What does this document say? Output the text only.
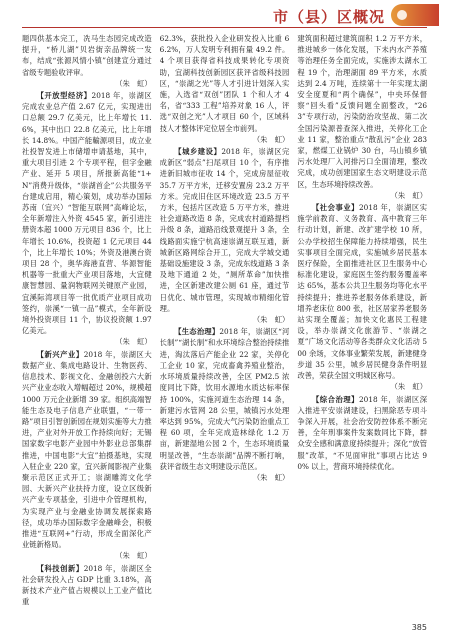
市（县）区概况

题四供基本完工，冼马生态园完成改造提升，“桥儿湖”贝岩街亲品牌统一发布，结成“张源风情小镇”创建宣分通过省级专题验收评审。

（朱　虹）

【开放型经济】2018 年，崇湖区完成农业总产值 2.67 亿元，实现进出口总额 29.7 亿美元，比上年增长 11.6%，其中出口 22.8 亿美元，比上年增长 14.8%。中国产能輸源项目，成立业社投智发进上市储增申请基地，其中，重大项目引进 2 个专项平程，但字金融产业、延开 5 项目，所报新高能“1+N”消费升级体，“崇湖首企”公共服务平台建成启用，精心策划，成功举办国际苏南（宜兴）“智能互联网”高峰论坛，全年新增注入外资 4545 家，新引进注册资本超 1000 万元项目 836 个，比上年增长 10.6%，投资超 1 亿元项目 44 个，比上年增长 10%；外资及港澳台资项目 28 个，奥华海港直营、华源智能机器等一批重大产业项目落地，大宜健康智慧园、量润物联网关键原产业园，宜溪际湾项目等一批优质产业项目成功签约，崇溪“一镇一品”模式，全年新设境外投资项目 11 个，协议投资额 1.97 亿美元。

（朱　虹）

【新兴产业】2018 年，崇湖区大数据产业、集成电路设计、生物医药、信息技术、影视文化、金融创投六大新兴产业业态收入增幅超过 20%，规模超 1000 万元企业新增 39 家。组织高端智能生态及电子信息产业联盟，“一带一路”项目引智创新园在规划实施等大力推进，产业对外开放工作持续向好；无锡国家数字电影产业园中外影业总部集群推进，中国电影“大宜”拍摄基地，实现入驻企业 220 家，宜兴新闻影视产业集聚示范区正式开工；崇湖雕湾文化学园、大新兴产业扶持力度，设立区级新兴产业专项基金，引进中介管理机构，为实现产业与金融业协调发展探索路径，成功举办国际数字金融峰会，积极推进“互联网+”行动，形成全面深化产业链新格局。

（朱　虹）

【科技创新】2018 年，崇湖区全社会研发投入占 GDP 比重 3.18%，高新技术产业产值占规模以上工业产值比重

62.3%，获批投入企业研发投入比重 66.2%，万人发明专利拥有量 49.2 件。4 个项目获得省科技成果转化专项资助，宜湖科技创新园区获评省级科技园区，“崇湖之光”等人才引进计划深入实施，入选省“双创”团队 1 个和人才 4 名，省“333 工程”培养对象 16 人，评选“双创之光”人才项目 60 个，区域科技人才整体评定位居全市前列。

（朱　虹）

【城乡建设】2018 年，崇湖区完成新区“弱点”扫尾项目 10 个，有序推进新旧城市征收 14 个，完成房屋征收 35.7 万平方米，迁移安置房 23.2 万平方米。完成旧住区环境改造 23.5 万平方米，包括片区改造 5 万平方米，推进社会道路改造 8 条，完成农村道路提档升级 8 条，道路沿线景观提升 3 条，全线路面实施宁杭高速崇湖互联互通，新城新区路网综合开工，完成大学城交通基础设施建设 3 条，完成东线道路 3 条及地下通道 2 处，“厕所革命”加快推进，全区新建改建公厕 61 座，通过节日优化、城市管理，实现城市精细化管理。

（朱　虹）

【生态治理】2018 年，崇湖区“河长制”“湖长制”和水环境综合整治持续推进，淘汰落后产能企业 22 家，关停化工企业 10 家，完成畜禽养殖业整治，水环境质量持续改善，全区 PM2.5 浓度同比下降，饮用水源地水质达标率保持 100%，实施河道生态治理 14 条，新建污水管网 28 公里，城镇污水处理率达到 95%，完成大气污染防治重点工程 60 项，全年完成造林绿化 1.2 万亩，新建湿地公园 2 个，生态环境质量明显改善，“生态崇湖”品牌不断打响，获评省级生态文明建设示范区。

（朱　虹）

建筑面积超过建筑面积 1.2 万平方米，推进城乡一体化发展，下未内水产养殖等治理任务全面完成，实施涉太湖水工程 19 个，治理湖面 89 平方米，水质达到 2.4 万吨，连续第十一年实现太湖安全度夏和“两个确保”，中央环保督察“回头看”反馈问题全面整改，“263”专项行动，污染防治攻坚战、第二次全国污染源普查深入推进，关停化工企业 11 家，整治重点“散乱污”企业 283 家，燃煤工业锅炉 30 台，马山镇乡镇污水处理厂入河排污口全面清理，整改完成，成功创建国家生态文明建设示范区，生态环境持续改善。

（朱　虹）

【社会事业】2018 年，崇湖区实施学前教育、义务教育、高中教育三年行动计划，新建、改扩建学校 10 所，公办学校招生保障能力持续增强，民生实事项目全面完成，实施城乡居民基本医疗保险，全面推进社区卫生服务中心标准化建设，家庭医生签约服务覆盖率达 65%，基本公共卫生服务均等化水平持续提升；推进养老服务体系建设，新增养老床位 800 张，社区居家养老服务站实现全覆盖；加快文化惠民工程建设，举办崇湖文化旅游节、“崇湖之夏”广场文化活动等各类群众文化活动 500 余场，文体事业繁荣发展，新建健身步道 35 公里，城乡居民健身条件明显改善，荣获全国文明城区称号。

（朱　虹）

【综合治理】2018 年，崇湖区深入推进平安崇湖建设，扫黑除恶专项斗争深入开展，社会治安防控体系不断完善，全年刑事案件发案数同比下降，群众安全感和满意度持续提升；深化“放管服”改革，“不见面审批”事项占比达 90% 以上，营商环境持续优化。

385
